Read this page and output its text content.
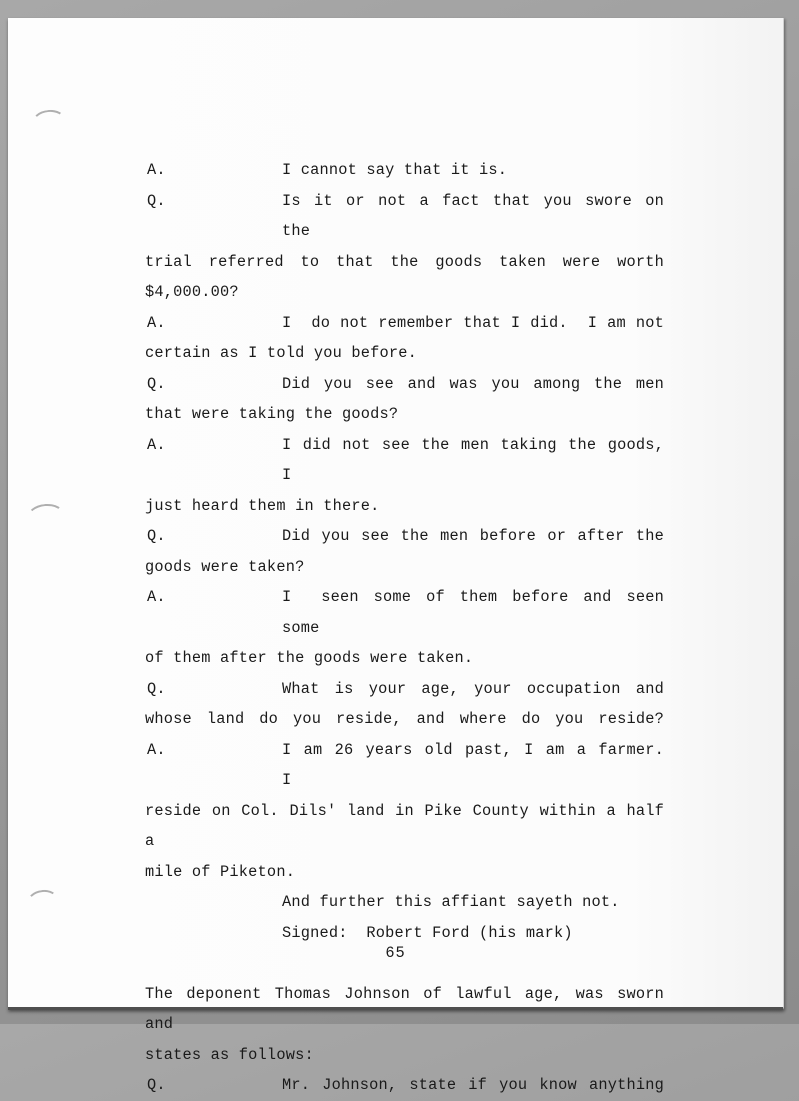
A.	I cannot say that it is.
Q.	Is it or not a fact that you swore on the
trial referred to that the goods taken were worth
$4,000.00?
A.	I  do not remember that I did.  I am not
certain as I told you before.
Q.	Did you see and was you among the men
that were taking the goods?
A.	I did not see the men taking the goods, I
just heard them in there.
Q.	Did you see the men before or after the
goods were taken?
A.	I  seen some of them before and seen some
of them after the goods were taken.
Q.	What is your age, your occupation and
whose land do you reside, and where do you reside?
A.	I am 26 years old past, I am a farmer.  I
reside on Col. Dils' land in Pike County within a half a
mile of Piketon.
And further this affiant sayeth not.
Signed:  Robert Ford (his mark)
The deponent Thomas Johnson of lawful age, was sworn and
states as follows:
Q.	Mr. Johnson, state if you know anything
65
